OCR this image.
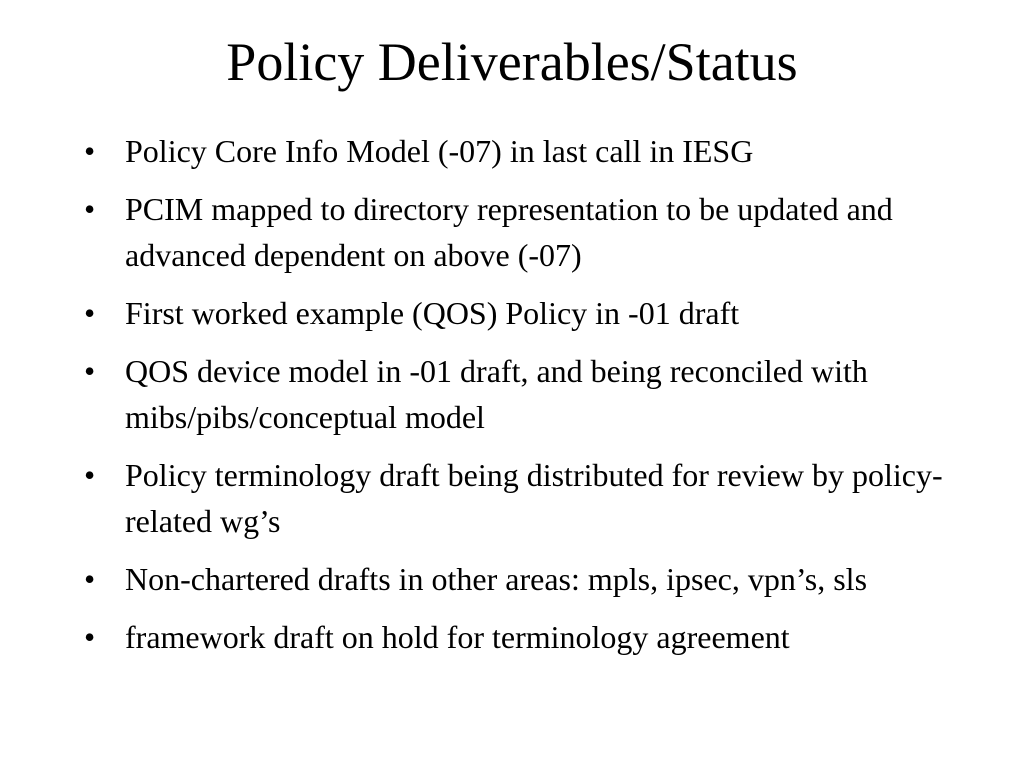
Policy Deliverables/Status
• Policy Core Info Model (-07) in last call in IESG
• PCIM mapped to directory representation to be updated and advanced dependent on above (-07)
• First worked example (QOS) Policy in -01 draft
• QOS device model in -01 draft, and being reconciled with mibs/pibs/conceptual model
• Policy terminology draft being distributed for review by policy-related wg’s
• Non-chartered drafts in other areas: mpls, ipsec, vpn’s, sls
• framework draft on hold for terminology agreement
